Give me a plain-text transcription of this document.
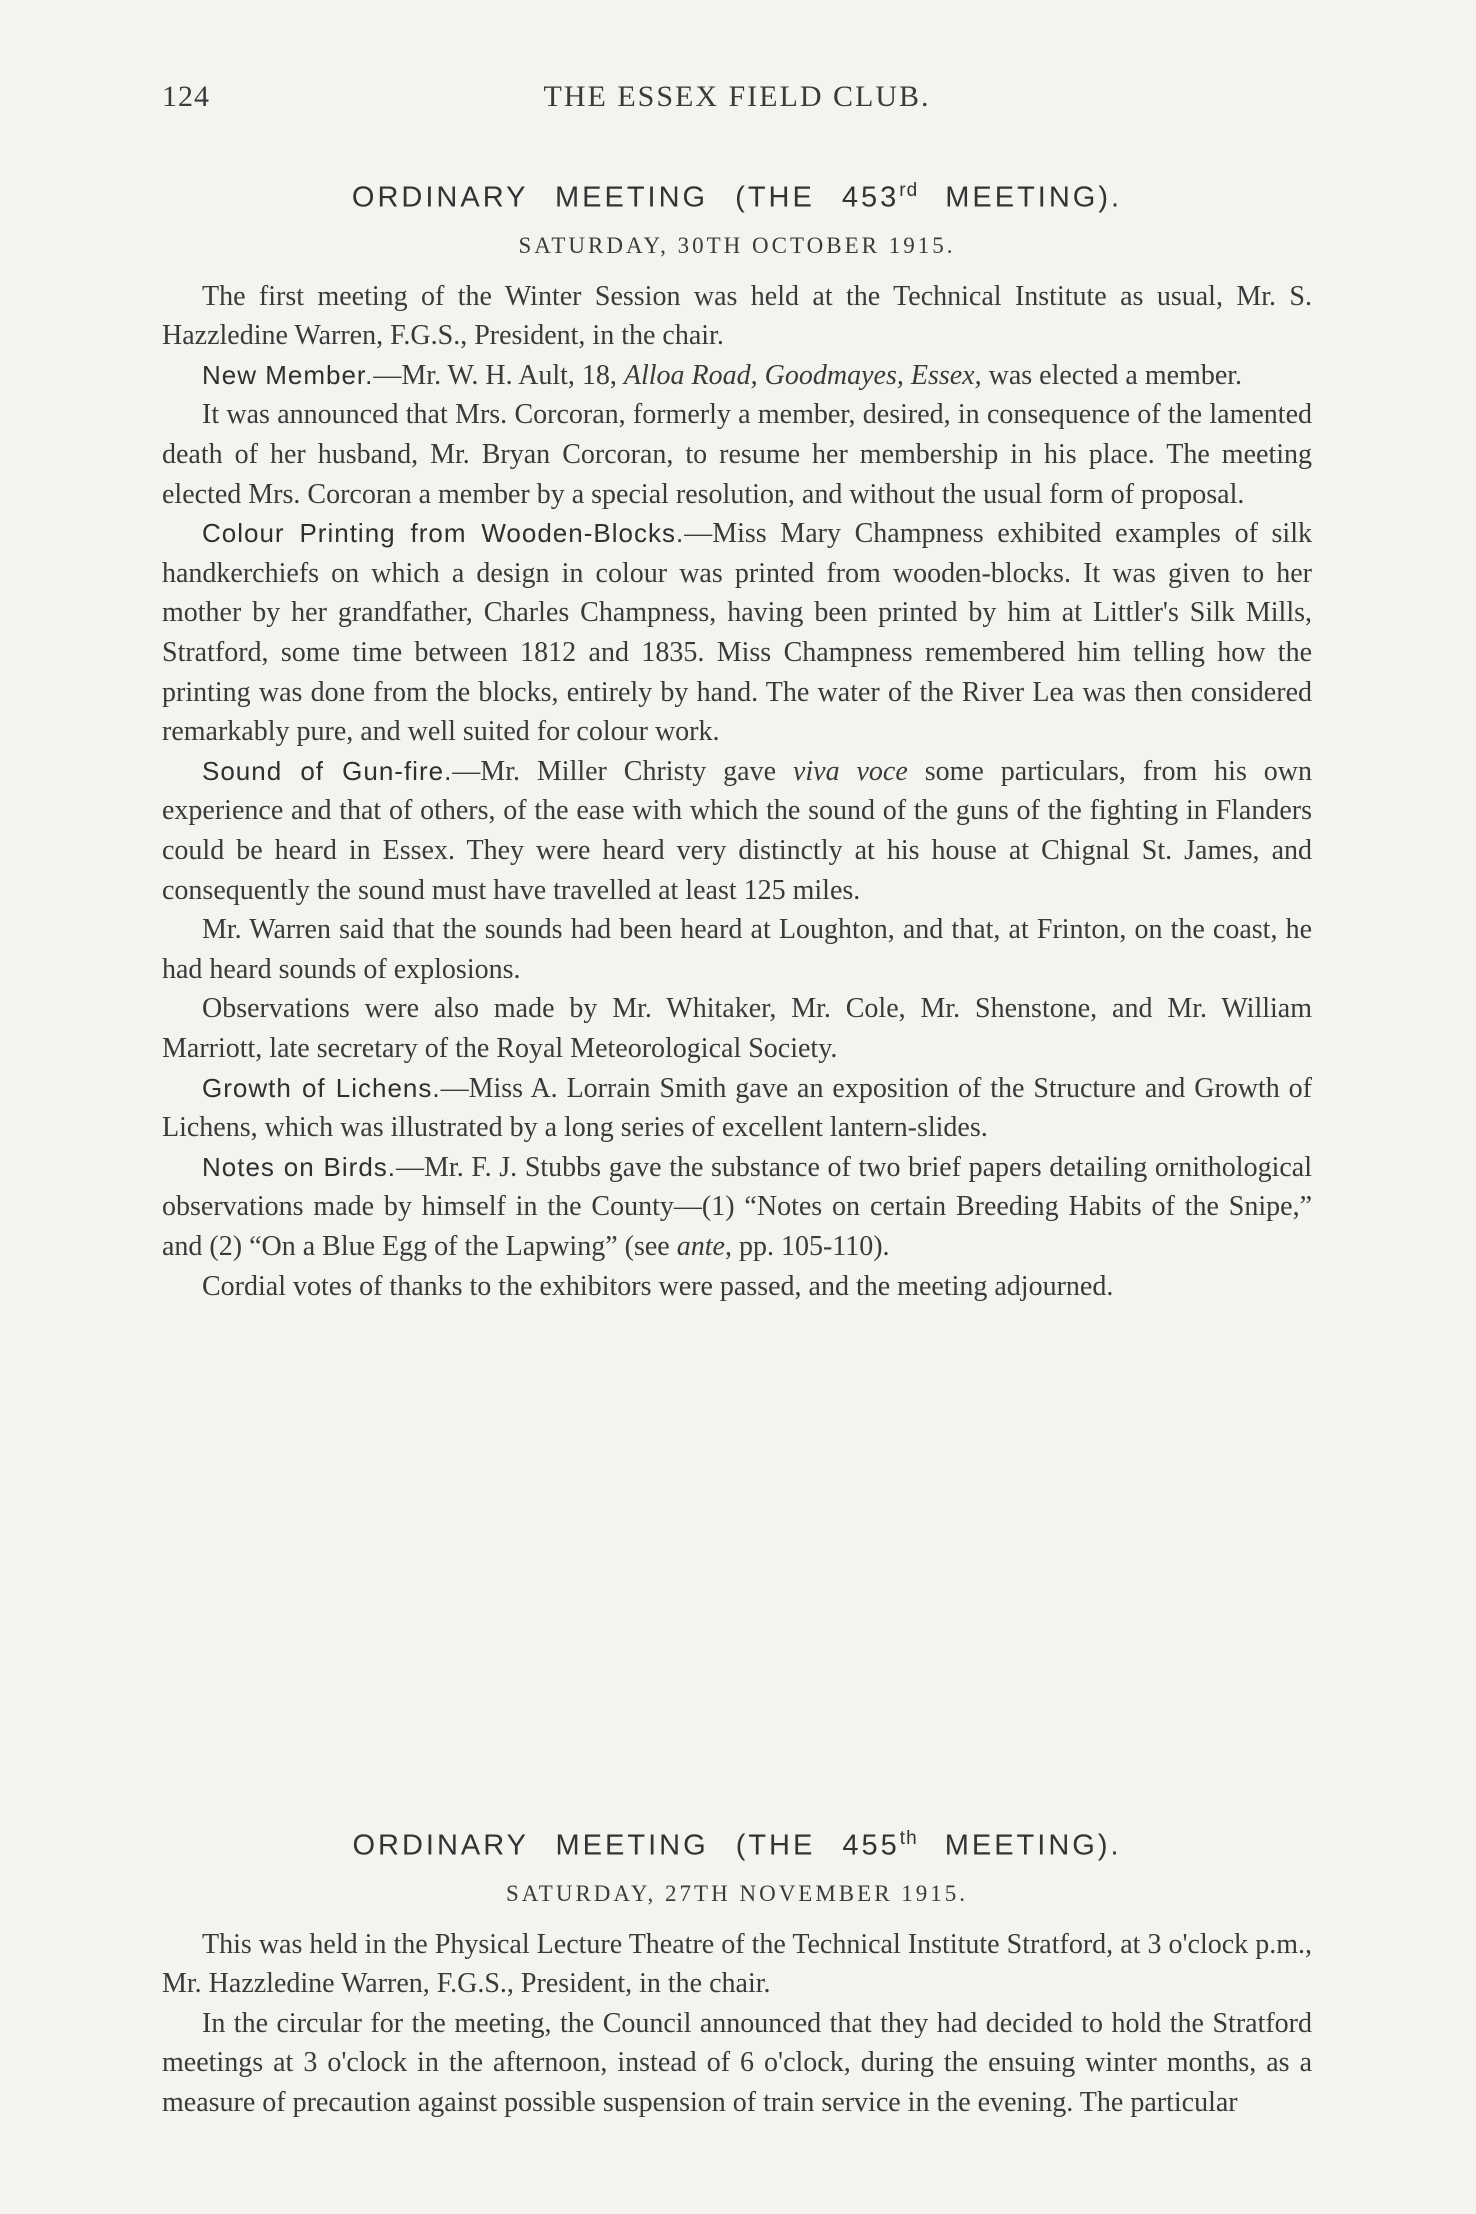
124	THE ESSEX FIELD CLUB.
ORDINARY MEETING (THE 453rd MEETING).
SATURDAY, 30TH OCTOBER 1915.

The first meeting of the Winter Session was held at the Technical Institute as usual, Mr. S. Hazzledine Warren, F.G.S., President, in the chair.

New Member.—Mr. W. H. Ault, 18, Alloa Road, Goodmayes, Essex, was elected a member.

It was announced that Mrs. Corcoran, formerly a member, desired, in consequence of the lamented death of her husband, Mr. Bryan Corcoran, to resume her membership in his place. The meeting elected Mrs. Corcoran a member by a special resolution, and without the usual form of proposal.

Colour Printing from Wooden-Blocks.—Miss Mary Champness exhibited examples of silk handkerchiefs on which a design in colour was printed from wooden-blocks. It was given to her mother by her grandfather, Charles Champness, having been printed by him at Littler's Silk Mills, Stratford, some time between 1812 and 1835. Miss Champness remembered him telling how the printing was done from the blocks, entirely by hand. The water of the River Lea was then considered remarkably pure, and well suited for colour work.

Sound of Gun-fire.—Mr. Miller Christy gave viva voce some particulars, from his own experience and that of others, of the ease with which the sound of the guns of the fighting in Flanders could be heard in Essex. They were heard very distinctly at his house at Chignal St. James, and consequently the sound must have travelled at least 125 miles.

Mr. Warren said that the sounds had been heard at Loughton, and that, at Frinton, on the coast, he had heard sounds of explosions.

Observations were also made by Mr. Whitaker, Mr. Cole, Mr. Shenstone, and Mr. William Marriott, late secretary of the Royal Meteorological Society.

Growth of Lichens.—Miss A. Lorrain Smith gave an exposition of the Structure and Growth of Lichens, which was illustrated by a long series of excellent lantern-slides.

Notes on Birds.—Mr. F. J. Stubbs gave the substance of two brief papers detailing ornithological observations made by himself in the County—(1) “Notes on certain Breeding Habits of the Snipe,” and (2) “On a Blue Egg of the Lapwing” (see ante, pp. 105-110).

Cordial votes of thanks to the exhibitors were passed, and the meeting adjourned.

ORDINARY MEETING (THE 455th MEETING).
SATURDAY, 27TH NOVEMBER 1915.

This was held in the Physical Lecture Theatre of the Technical Institute Stratford, at 3 o'clock p.m., Mr. Hazzledine Warren, F.G.S., President, in the chair.

In the circular for the meeting, the Council announced that they had decided to hold the Stratford meetings at 3 o'clock in the afternoon, instead of 6 o'clock, during the ensuing winter months, as a measure of precaution against possible suspension of train service in the evening. The particular
